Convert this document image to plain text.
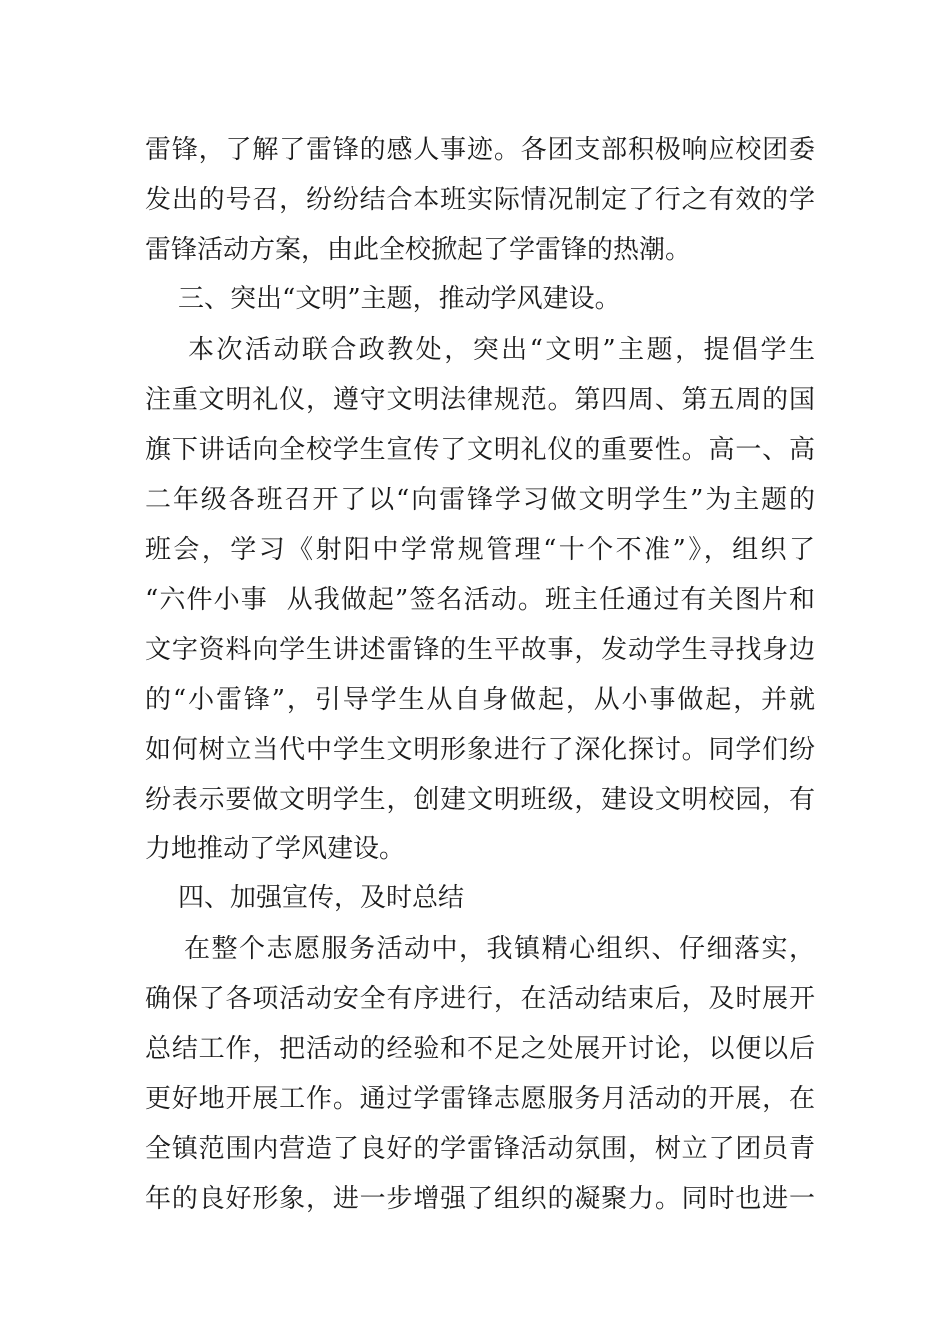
雷锋，了解了雷锋的感人事迹。各团支部积极响应校团委
发出的号召，纷纷结合本班实际情况制定了行之有效的学
雷锋活动方案，由此全校掀起了学雷锋的热潮。
三、突出“文明”主题，推动学风建设。
本次活动联合政教处，突出“文明”主题，提倡学生
注重文明礼仪，遵守文明法律规范。第四周、第五周的国
旗下讲话向全校学生宣传了文明礼仪的重要性。高一、高
二年级各班召开了以“向雷锋学习做文明学生”为主题的
班会，学习《射阳中学常规管理“十个不准”》，组织了
“六件小事  从我做起”签名活动。班主任通过有关图片和
文字资料向学生讲述雷锋的生平故事，发动学生寻找身边
的“小雷锋”，引导学生从自身做起，从小事做起，并就
如何树立当代中学生文明形象进行了深化探讨。同学们纷
纷表示要做文明学生，创建文明班级，建设文明校园，有
力地推动了学风建设。
四、加强宣传，及时总结
在整个志愿服务活动中，我镇精心组织、仔细落实，
确保了各项活动安全有序进行，在活动结束后，及时展开
总结工作，把活动的经验和不足之处展开讨论，以便以后
更好地开展工作。通过学雷锋志愿服务月活动的开展，在
全镇范围内营造了良好的学雷锋活动氛围，树立了团员青
年的良好形象，进一步增强了组织的凝聚力。同时也进一
